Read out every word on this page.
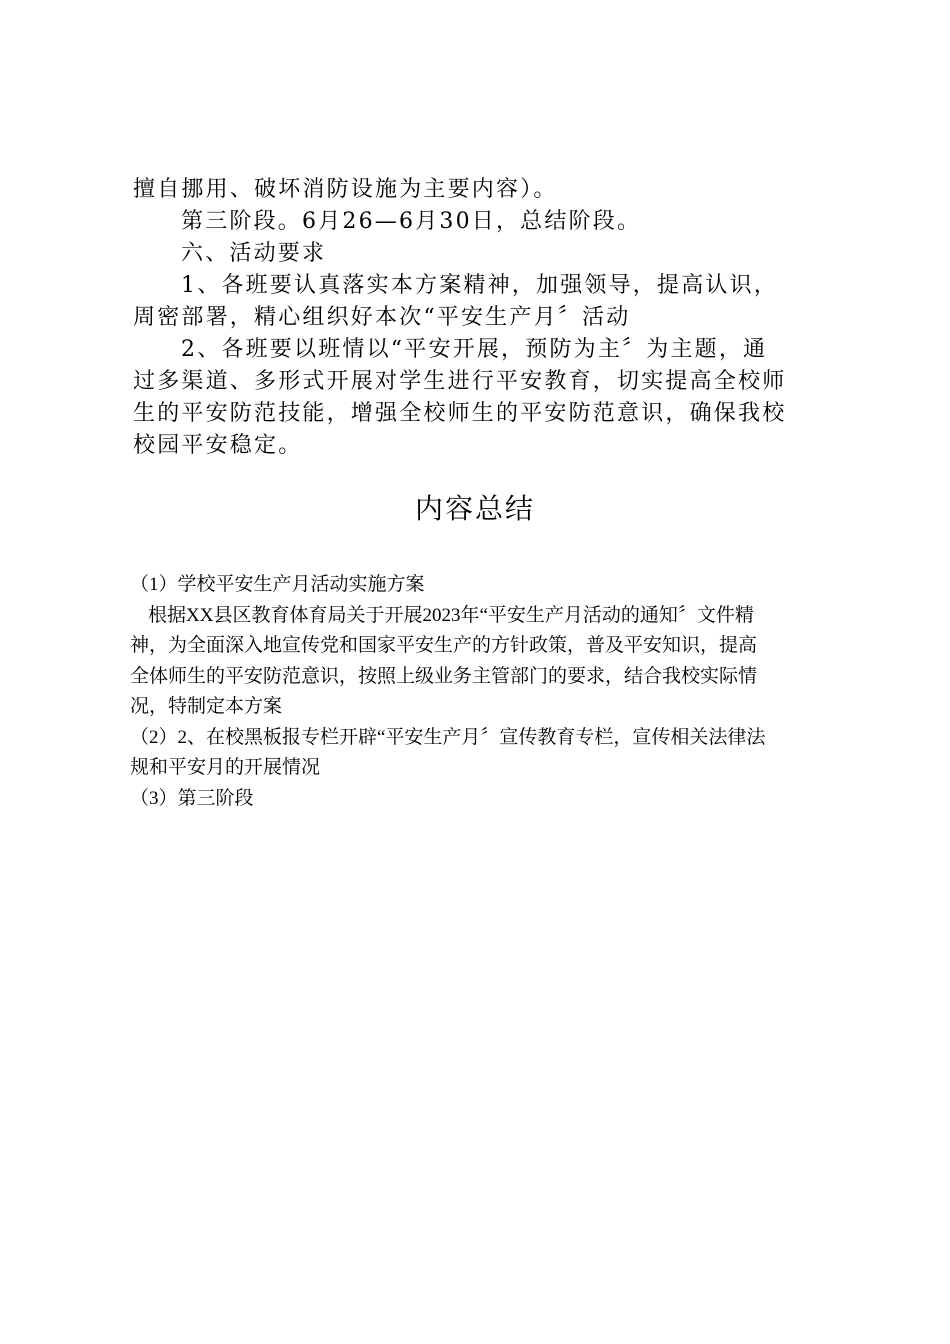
擅自挪用、破坏消防设施为主要内容）。

第三阶段。6月26—6月30日，总结阶段。

六、活动要求

1、各班要认真落实本方案精神，加强领导，提高认识，

周密部署，精心组织好本次“平安生产月〞活动

2、各班要以班情以“平安开展，预防为主〞为主题，通

过多渠道、多形式开展对学生进行平安教育，切实提高全校师

生的平安防范技能，增强全校师生的平安防范意识，确保我校

校园平安稳定。

内容总结

（1）学校平安生产月活动实施方案

根据XX县区教育体育局关于开展2023年“平安生产月活动的通知〞文件精

神，为全面深入地宣传党和国家平安生产的方针政策，普及平安知识，提高

全体师生的平安防范意识，按照上级业务主管部门的要求，结合我校实际情

况，特制定本方案

（2）2、在校黑板报专栏开辟“平安生产月〞宣传教育专栏，宣传相关法律法

规和平安月的开展情况

（3）第三阶段
